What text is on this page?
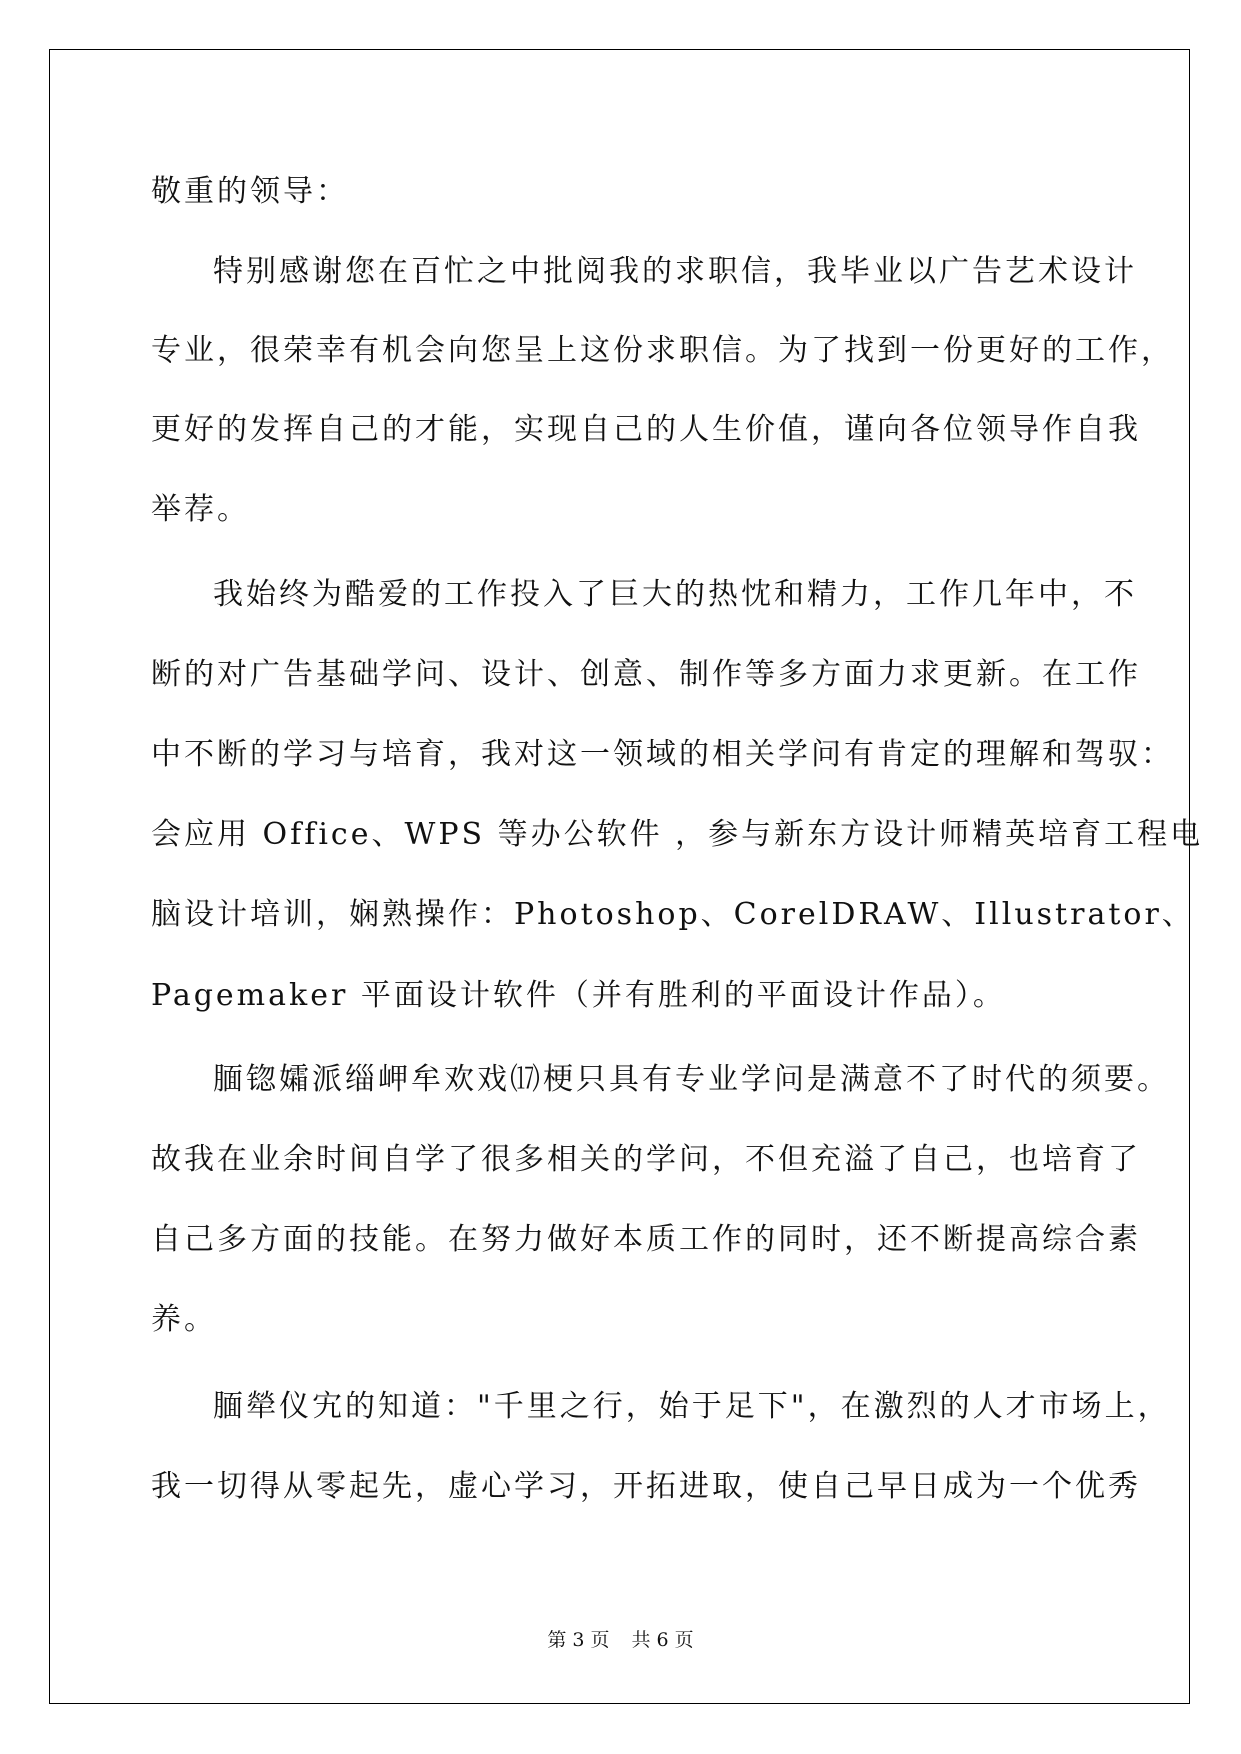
敬重的领导：

特别感谢您在百忙之中批阅我的求职信，我毕业以广告艺术设计

专业，很荣幸有机会向您呈上这份求职信。为了找到一份更好的工作，

更好的发挥自己的才能，实现自己的人生价值，谨向各位领导作自我

举荐。

我始终为酷爱的工作投入了巨大的热忱和精力，工作几年中，不

断的对广告基础学问、设计、创意、制作等多方面力求更新。在工作

中不断的学习与培育，我对这一领域的相关学问有肯定的理解和驾驭：

会应用 Office、WPS 等办公软件 ，参与新东方设计师精英培育工程电

脑设计培训，娴熟操作：Photoshop、CorelDRAW、Illustrator、

Pagemaker 平面设计软件（并有胜利的平面设计作品）。

腼锪孀派缁岬牟欢戏⒄梗只具有专业学问是满意不了时代的须要。

故我在业余时间自学了很多相关的学问，不但充溢了自己，也培育了

自己多方面的技能。在努力做好本质工作的同时，还不断提高综合素

养。

腼犖仪宄的知道："千里之行，始于足下"，在激烈的人才市场上，

我一切得从零起先，虚心学习，开拓进取，使自己早日成为一个优秀

第 3 页 共 6 页
